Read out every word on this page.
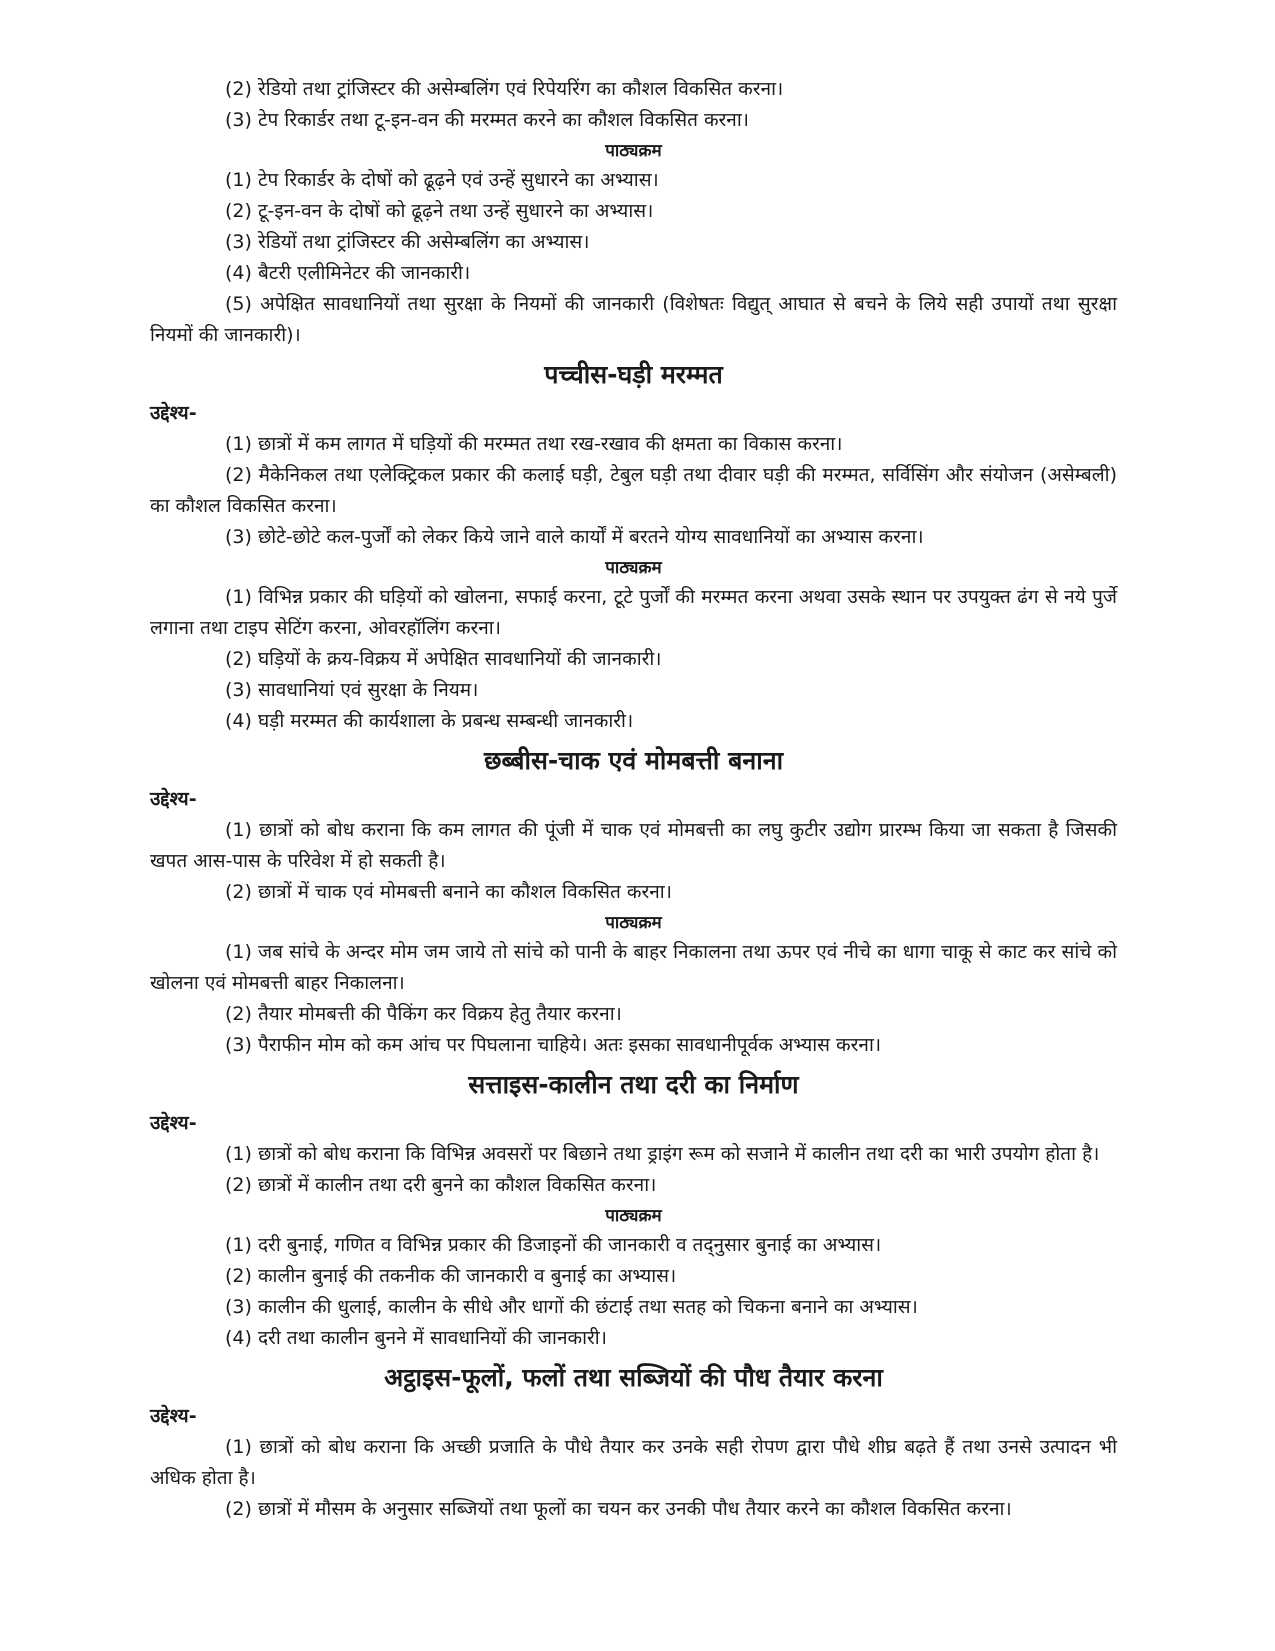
(2) रेडियो तथा ट्रांजिस्टर की असेम्बलिंग एवं रिपेयरिंग का कौशल विकसित करना।

(3) टेप रिकार्डर तथा टू-इन-वन की मरम्मत करने का कौशल विकसित करना।

पाठ्यक्रम

(1) टेप रिकार्डर के दोषों को ढूढ़ने एवं उन्हें सुधारने का अभ्यास।

(2) टू-इन-वन के दोषों को ढूढ़ने तथा उन्हें सुधारने का अभ्यास।

(3) रेडियों तथा ट्रांजिस्टर की असेम्बलिंग का अभ्यास।

(4) बैटरी एलीमिनेटर की जानकारी।

(5) अपेक्षित सावधानियों तथा सुरक्षा के नियमों की जानकारी (विशेषतः विद्युत् आघात से बचने के लिये सही उपायों तथा सुरक्षा नियमों की जानकारी)।

पच्चीस-घड़ी मरम्मत

उद्देश्य-

(1) छात्रों में कम लागत में घड़ियों की मरम्मत तथा रख-रखाव की क्षमता का विकास करना।

(2) मैकेनिकल तथा एलेक्ट्रिकल प्रकार की कलाई घड़ी, टेबुल घड़ी तथा दीवार घड़ी की मरम्मत, सर्विसिंग और संयोजन (असेम्बली) का कौशल विकसित करना।

(3) छोटे-छोटे कल-पुर्जों को लेकर किये जाने वाले कार्यों में बरतने योग्य सावधानियों का अभ्यास करना।

पाठ्यक्रम

(1) विभिन्न प्रकार की घड़ियों को खोलना, सफाई करना, टूटे पुर्जों की मरम्मत करना अथवा उसके स्थान पर उपयुक्त ढंग से नये पुर्जे लगाना तथा टाइप सेटिंग करना, ओवरहॉलिंग करना।

(2) घड़ियों के क्रय-विक्रय में अपेक्षित सावधानियों की जानकारी।

(3) सावधानियां एवं सुरक्षा के नियम।

(4) घड़ी मरम्मत की कार्यशाला के प्रबन्ध सम्बन्धी जानकारी।

छब्बीस-चाक एवं मोमबत्ती बनाना

उद्देश्य-

(1) छात्रों को बोध कराना कि कम लागत की पूंजी में चाक एवं मोमबत्ती का लघु कुटीर उद्योग प्रारम्भ किया जा सकता है जिसकी खपत आस-पास के परिवेश में हो सकती है।

(2) छात्रों में चाक एवं मोमबत्ती बनाने का कौशल विकसित करना।

पाठ्यक्रम

(1) जब सांचे के अन्दर मोम जम जाये तो सांचे को पानी के बाहर निकालना तथा ऊपर एवं नीचे का धागा चाकू से काट कर सांचे को खोलना एवं मोमबत्ती बाहर निकालना।

(2) तैयार मोमबत्ती की पैकिंग कर विक्रय हेतु तैयार करना।

(3) पैराफीन मोम को कम आंच पर पिघलाना चाहिये। अतः इसका सावधानीपूर्वक अभ्यास करना।

सत्ताइस-कालीन तथा दरी का निर्माण

उद्देश्य-

(1) छात्रों को बोध कराना कि विभिन्न अवसरों पर बिछाने तथा ड्राइंग रूम को सजाने में कालीन तथा दरी का भारी उपयोग होता है।

(2) छात्रों में कालीन तथा दरी बुनने का कौशल विकसित करना।

पाठ्यक्रम

(1) दरी बुनाई, गणित व विभिन्न प्रकार की डिजाइनों की जानकारी व तद्नुसार बुनाई का अभ्यास।

(2) कालीन बुनाई की तकनीक की जानकारी व बुनाई का अभ्यास।

(3) कालीन की धुलाई, कालीन के सीधे और धागों की छंटाई तथा सतह को चिकना बनाने का अभ्यास।

(4) दरी तथा कालीन बुनने में सावधानियों की जानकारी।

अट्ठाइस-फूलों, फलों तथा सब्जियों की पौध तैयार करना

उद्देश्य-

(1) छात्रों को बोध कराना कि अच्छी प्रजाति के पौधे तैयार कर उनके सही रोपण द्वारा पौधे शीघ्र बढ़ते हैं तथा उनसे उत्पादन भी अधिक होता है।

(2) छात्रों में मौसम के अनुसार सब्जियों तथा फूलों का चयन कर उनकी पौध तैयार करने का कौशल विकसित करना।
